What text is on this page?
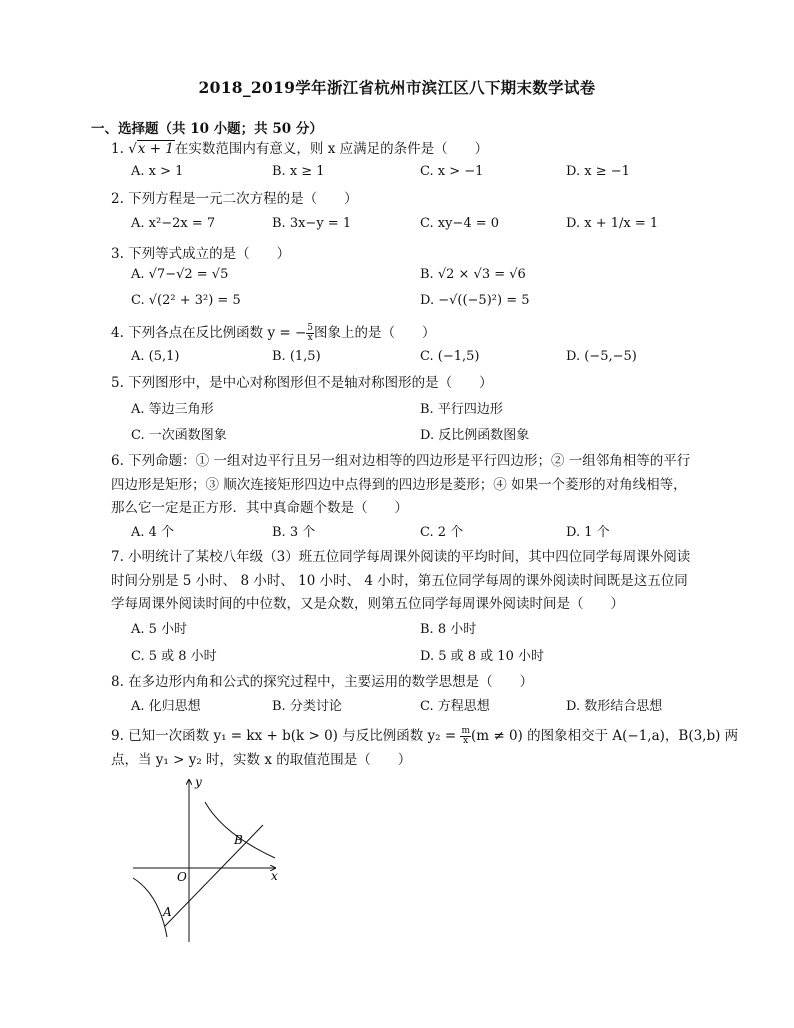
2018_2019学年浙江省杭州市滨江区八下期末数学试卷
一、选择题（共 10 小题；共 50 分）
1. √x + 1在实数范围内有意义，则 x 应满足的条件是（　　）
A. x > 1	B. x ≥ 1	C. x > −1	D. x ≥ −1
2. 下列方程是一元二次方程的是（　　）
A. x²−2x = 7	B. 3x−y = 1	C. xy−4 = 0	D. x + 1/x = 1
3. 下列等式成立的是（　　）
A. √7−√2 = √5	B. √2 × √3 = √6
C. √(2² + 3²) = 5	D. −√((−5)²) = 5
4. 下列各点在反比例函数 y = − $\frac{5}{x}$ 图象上的是（　　）
A. (5,1)	B. (1,5)	C. (−1,5)	D. (−5,−5)
5. 下列图形中，是中心对称图形但不是轴对称图形的是（　　）
A. 等边三角形	B. 平行四边形
C. 一次函数图象	D. 反比例函数图象
6. 下列命题：① 一组对边平行且另一组对边相等的四边形是平行四边形；② 一组邻角相等的平行
四边形是矩形；③ 顺次连接矩形四边中点得到的四边形是菱形；④ 如果一个菱形的对角线相等，
那么它一定是正方形．其中真命题个数是（　　）
A. 4 个	B. 3 个	C. 2 个	D. 1 个
7. 小明统计了某校八年级（3）班五位同学每周课外阅读的平均时间，其中四位同学每周课外阅读
时间分别是 5 小时、 8 小时、 10 小时、 4 小时，第五位同学每周的课外阅读时间既是这五位同
学每周课外阅读时间的中位数，又是众数，则第五位同学每周课外阅读时间是（　　）
A. 5 小时	B. 8 小时
C. 5 或 8 小时	D. 5 或 8 或 10 小时
8. 在多边形内角和公式的探究过程中，主要运用的数学思想是（　　）
A. 化归思想	B. 分类讨论	C. 方程思想	D. 数形结合思想
9. 已知一次函数 y₁ = kx + b(k > 0) 与反比例函数 $y_2 = \frac{m}{x} (m \ne 0)$ 的图象相交于 A(−1,a)，B(3,b) 两
点，当 y₁ > y₂ 时，实数 x 的取值范围是（　　）
y
x
O
A
B
